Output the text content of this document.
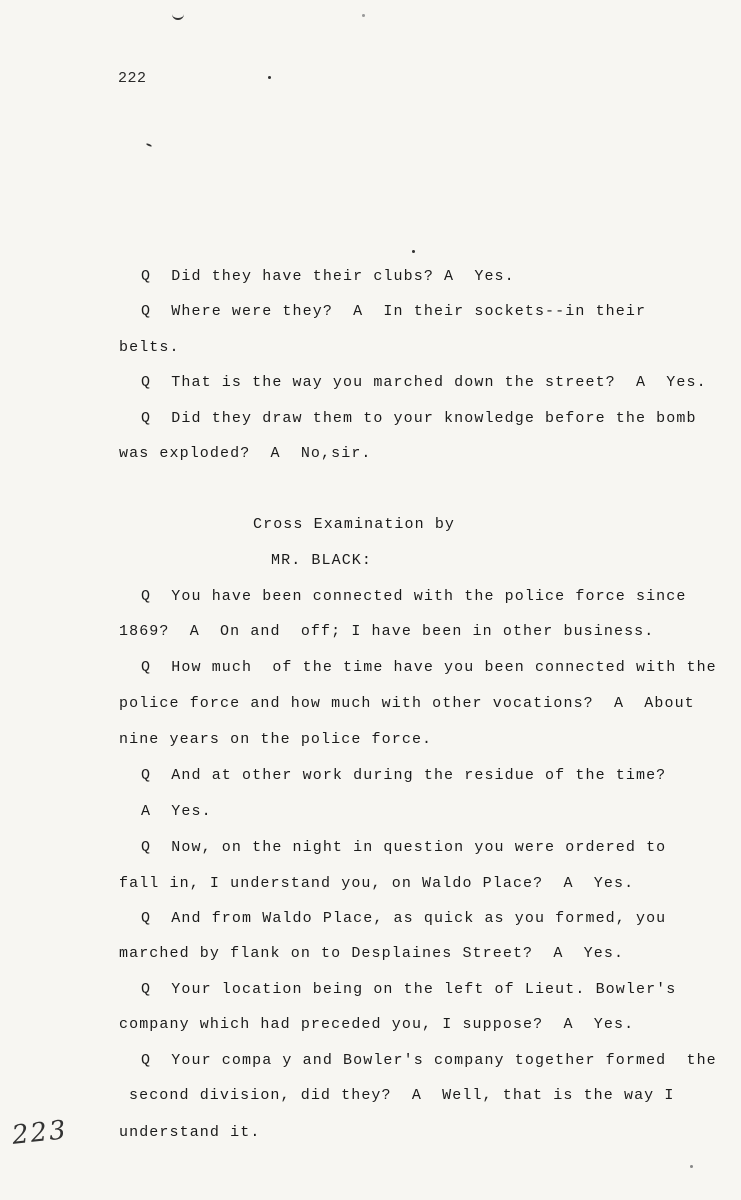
222
Q  Did they have their clubs? A  Yes.
Q  Where were they?  A  In their sockets--in their
belts.
Q  That is the way you marched down the street?  A  Yes.
Q  Did they draw them to your knowledge before the bomb
was exploded?  A  No,sir.
Cross Examination by
MR. BLACK:
Q  You have been connected with the police force since
1869?  A  On and  off; I have been in other business.
Q  How much  of the time have you been connected with the
police force and how much with other vocations?  A  About
nine years on the police force.
Q  And at other work during the residue of the time?
A  Yes.
Q  Now, on the night in question you were ordered to
fall in, I understand you, on Waldo Place?  A  Yes.
Q  And from Waldo Place, as quick as you formed, you
marched by flank on to Desplaines Street?  A  Yes.
Q  Your location being on the left of Lieut. Bowler's
company which had preceded you, I suppose?  A  Yes.
Q  Your compa y and Bowler's company together formed  the
second division, did they?  A  Well, that is the way I
understand it.
223
